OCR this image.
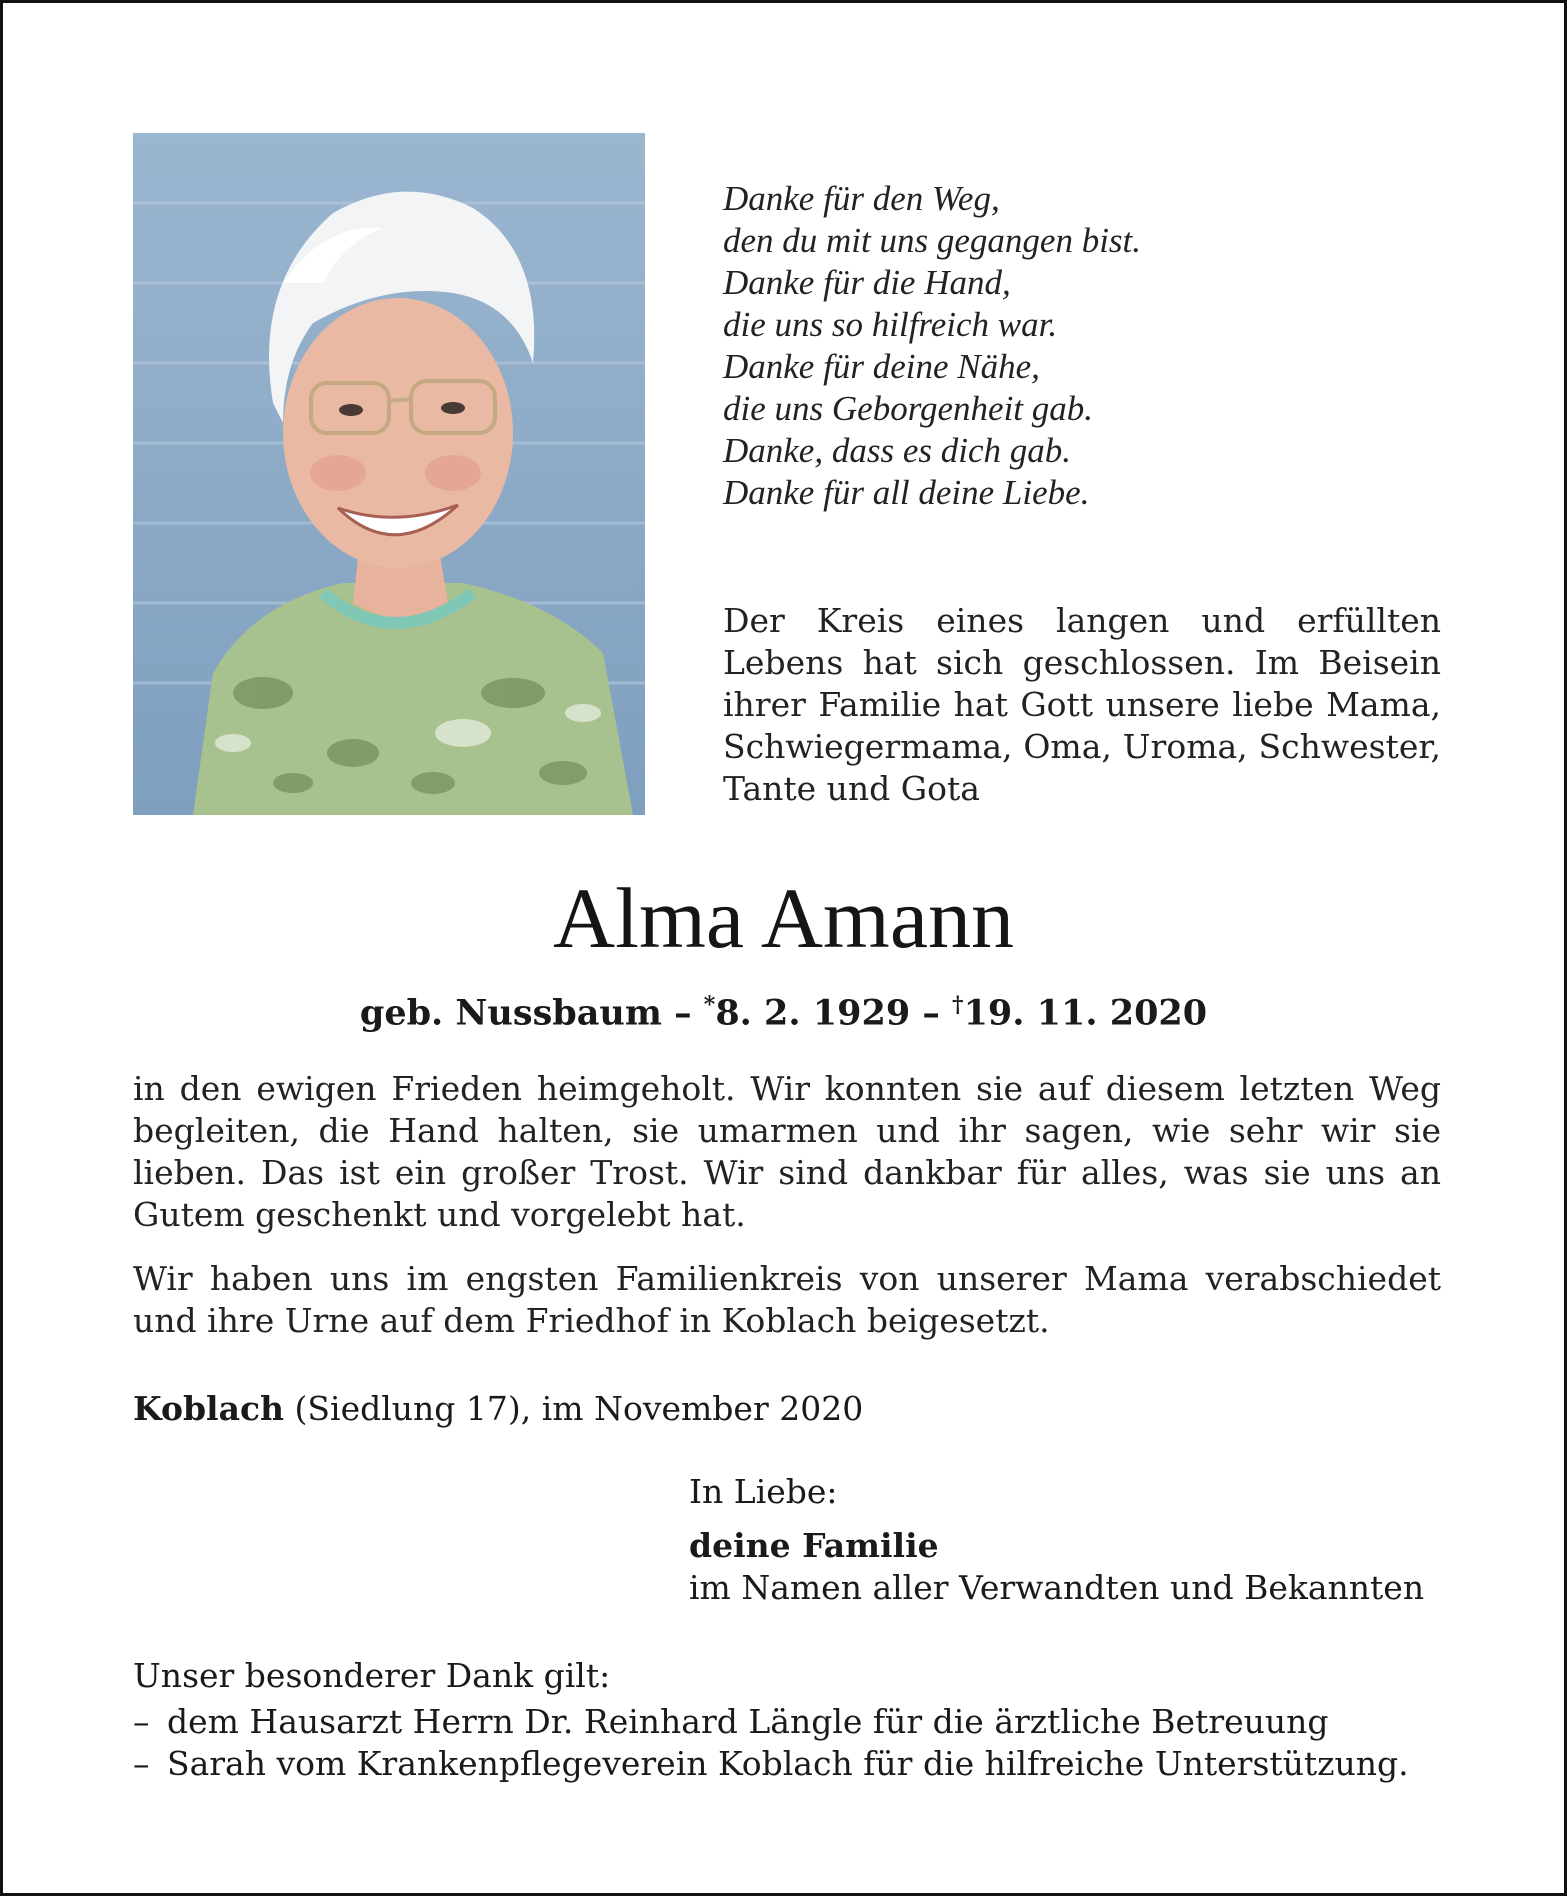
Danke für den Weg,
den du mit uns gegangen bist.
Danke für die Hand,
die uns so hilfreich war.
Danke für deine Nähe,
die uns Geborgenheit gab.
Danke, dass es dich gab.
Danke für all deine Liebe.
Der Kreis eines langen und erfüllten Lebens hat sich geschlossen. Im Beisein ihrer Familie hat Gott unsere liebe Mama, Schwiegermama, Oma, Uroma, Schwester, Tante und Gota
Alma Amann
geb. Nussbaum – *8. 2. 1929 – †19. 11. 2020

in den ewigen Frieden heimgeholt. Wir konnten sie auf diesem letzten Weg begleiten, die Hand halten, sie umarmen und ihr sagen, wie sehr wir sie lieben. Das ist ein großer Trost. Wir sind dankbar für alles, was sie uns an Gutem geschenkt und vorgelebt hat.

Wir haben uns im engsten Familienkreis von unserer Mama verabschiedet und ihre Urne auf dem Friedhof in Koblach beigesetzt.

Koblach (Siedlung 17), im November 2020
In Liebe:
deine Familie
im Namen aller Verwandten und Bekannten
Unser besonderer Dank gilt:
– dem Hausarzt Herrn Dr. Reinhard Längle für die ärztliche Betreuung
– Sarah vom Krankenpflegeverein Koblach für die hilfreiche Unterstützung.
